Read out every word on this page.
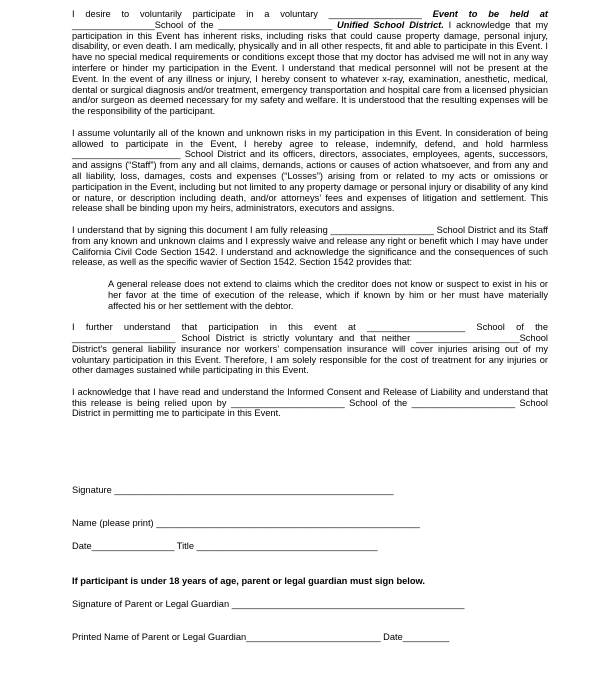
I desire to voluntarily participate in a voluntary __________________ Event to be held at ________________School of the ______________________ Unified School District. I acknowledge that my participation in this Event has inherent risks, including risks that could cause property damage, personal injury, disability, or even death. I am medically, physically and in all other respects, fit and able to participate in this Event. I have no special medical requirements or conditions except those that my doctor has advised me will not in any way interfere or hinder my participation in the Event. I understand that medical personnel will not be present at the Event. In the event of any illness or injury, I hereby consent to whatever x-ray, examination, anesthetic, medical, dental or surgical diagnosis and/or treatment, emergency transportation and hospital care from a licensed physician and/or surgeon as deemed necessary for my safety and welfare. It is understood that the resulting expenses will be the responsibility of the participant.

I assume voluntarily all of the known and unknown risks in my participation in this Event. In consideration of being allowed to participate in the Event, I hereby agree to release, indemnify, defend, and hold harmless _____________________ School District and its officers, directors, associates, employees, agents, successors, and assigns (“Staff”) from any and all claims, demands, actions or causes of action whatsoever, and from any and all liability, loss, damages, costs and expenses (“Losses”) arising from or related to my acts or omissions or participation in the Event, including but not limited to any property damage or personal injury or disability of any kind or nature, or description including death, and/or attorneys’ fees and expenses of litigation and settlement. This release shall be binding upon my heirs, administrators, executors and assigns.

I understand that by signing this document I am fully releasing ____________________ School District and its Staff from any known and unknown claims and I expressly waive and release any right or benefit which I may have under California Civil Code Section 1542. I understand and acknowledge the significance and the consequences of such release, as well as the specific wavier of Section 1542. Section 1542 provides that:

A general release does not extend to claims which the creditor does not know or suspect to exist in his or her favor at the time of execution of the release, which if known by him or her must have materially affected his or her settlement with the debtor.

I further understand that participation in this event at ___________________ School of the ____________________ School District is strictly voluntary and that neither ____________________School District’s general liability insurance nor workers’ compensation insurance will cover injuries arising out of my voluntary participation in this Event. Therefore, I am solely responsible for the cost of treatment for any injuries or other damages sustained while participating in this Event.

I acknowledge that I have read and understand the Informed Consent and Release of Liability and understand that this release is being relied upon by ______________________ School of the ____________________ School District in permitting me to participate in this Event.

Signature ______________________________________________________
Name (please print) ___________________________________________________
Date________________ Title ___________________________________
If participant is under 18 years of age, parent or legal guardian must sign below.
Signature of Parent or Legal Guardian _____________________________________________
Printed Name of Parent or Legal Guardian__________________________ Date_________
